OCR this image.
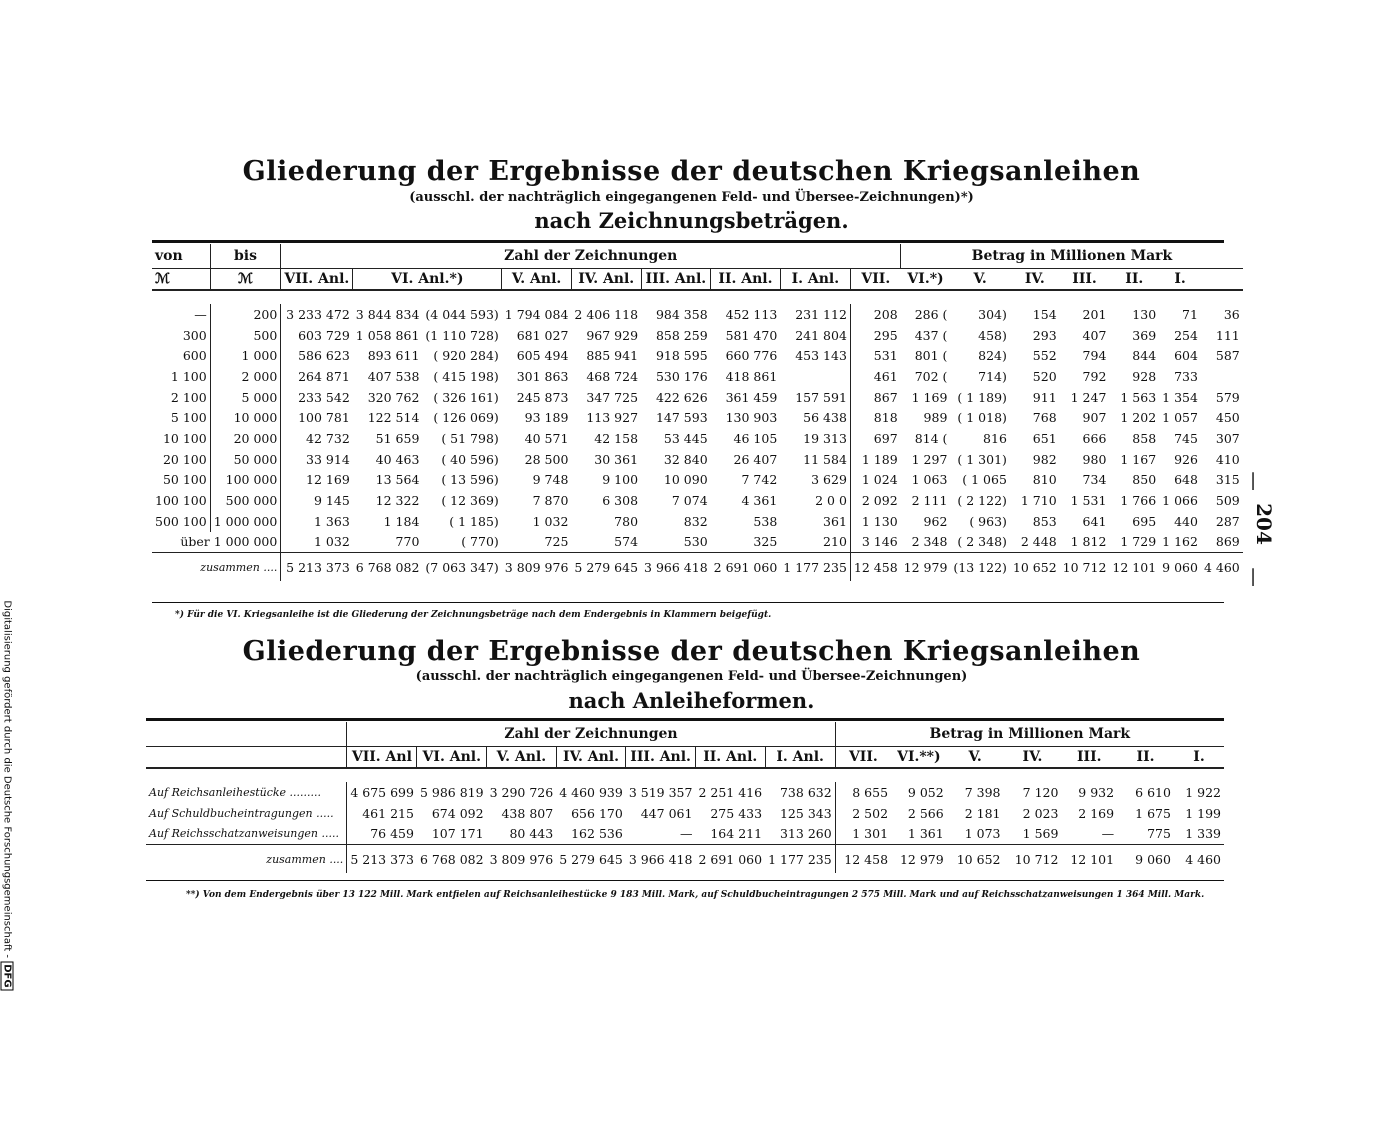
Digitalisierung gefördert durch die Deutsche Forschungsgemeinschaft - DFG
|
204
|
Gliederung der Ergebnisse der deutschen Kriegsanleihen
(ausschl. der nachträglich eingegangenen Feld- und Übersee-Zeichnungen)*)
nach Zeichnungsbeträgen.
von	bis	Zahl der Zeichnungen									Betrag in Millionen Mark						
ℳ	ℳ	VII. Anl.	VI. Anl.*)		V. Anl.	IV. Anl.	III. Anl.	II. Anl.	I. Anl.	VII.	VI.*)	V.	IV.	III.	II.	I.	

—	200	3 233 472	3 844 834	(4 044 593)	1 794 084	2 406 118	984 358	452 113	231 112	208	286 (	304)	154	201	130	71	36
300	500	603 729	1 058 861	(1 110 728)	681 027	967 929	858 259	581 470	241 804	295	437 (	458)	293	407	369	254	111
600	1 000	586 623	893 611	( 920 284)	605 494	885 941	918 595	660 776	453 143	531	801 (	824)	552	794	844	604	587
1 100	2 000	264 871	407 538	( 415 198)	301 863	468 724	530 176	418 861		461	702 (	714)	520	792	928	733	
2 100	5 000	233 542	320 762	( 326 161)	245 873	347 725	422 626	361 459	157 591	867	1 169	( 1 189)	911	1 247	1 563	1 354	579
5 100	10 000	100 781	122 514	( 126 069)	93 189	113 927	147 593	130 903	56 438	818	989	( 1 018)	768	907	1 202	1 057	450
10 100	20 000	42 732	51 659	( 51 798)	40 571	42 158	53 445	46 105	19 313	697	814 (	816	651	666	858	745	307
20 100	50 000	33 914	40 463	( 40 596)	28 500	30 361	32 840	26 407	11 584	1 189	1 297	( 1 301)	982	980	1 167	926	410
50 100	100 000	12 169	13 564	( 13 596)	9 748	9 100	10 090	7 742	3 629	1 024	1 063	( 1 065	810	734	850	648	315
100 100	500 000	9 145	12 322	( 12 369)	7 870	6 308	7 074	4 361	2 0 0	2 092	2 111	( 2 122)	1 710	1 531	1 766	1 066	509
500 100	1 000 000	1 363	1 184	( 1 185)	1 032	780	832	538	361	1 130	962	( 963)	853	641	695	440	287
über 1 000 000		1 032	770	( 770)	725	574	530	325	210	3 146	2 348	( 2 348)	2 448	1 812	1 729	1 162	869
zusammen ....		5 213 373	6 768 082	(7 063 347)	3 809 976	5 279 645	3 966 418	2 691 060	1 177 235	12 458	12 979	(13 122)	10 652	10 712	12 101	9 060	4 460
*) Für die VI. Kriegsanleihe ist die Gliederung der Zeichnungsbeträge nach dem Endergebnis in Klammern beigefügt.
Gliederung der Ergebnisse der deutschen Kriegsanleihen
(ausschl. der nachträglich eingegangenen Feld- und Übersee-Zeichnungen)
nach Anleiheformen.
	Zahl der Zeichnungen							Betrag in Millionen Mark						
	VII. Anl	VI. Anl.	V. Anl.	IV. Anl.	III. Anl.	II. Anl.	I. Anl.	VII.	VI.**)	V.	IV.	III.	II.	I.

Auf Reichsanleihestücke .........	4 675 699	5 986 819	3 290 726	4 460 939	3 519 357	2 251 416	738 632	8 655	9 052	7 398	7 120	9 932	6 610	1 922
Auf Schuldbucheintragungen .....	461 215	674 092	438 807	656 170	447 061	275 433	125 343	2 502	2 566	2 181	2 023	2 169	1 675	1 199
Auf Reichsschatzanweisungen .....	76 459	107 171	80 443	162 536	—	164 211	313 260	1 301	1 361	1 073	1 569	—	775	1 339
zusammen ....	5 213 373	6 768 082	3 809 976	5 279 645	3 966 418	2 691 060	1 177 235	12 458	12 979	10 652	10 712	12 101	9 060	4 460
**) Von dem Endergebnis über 13 122 Mill. Mark entfielen auf Reichsanleihestücke 9 183 Mill. Mark, auf Schuldbucheintragungen 2 575 Mill. Mark und auf Reichsschatzanweisungen 1 364 Mill. Mark.
